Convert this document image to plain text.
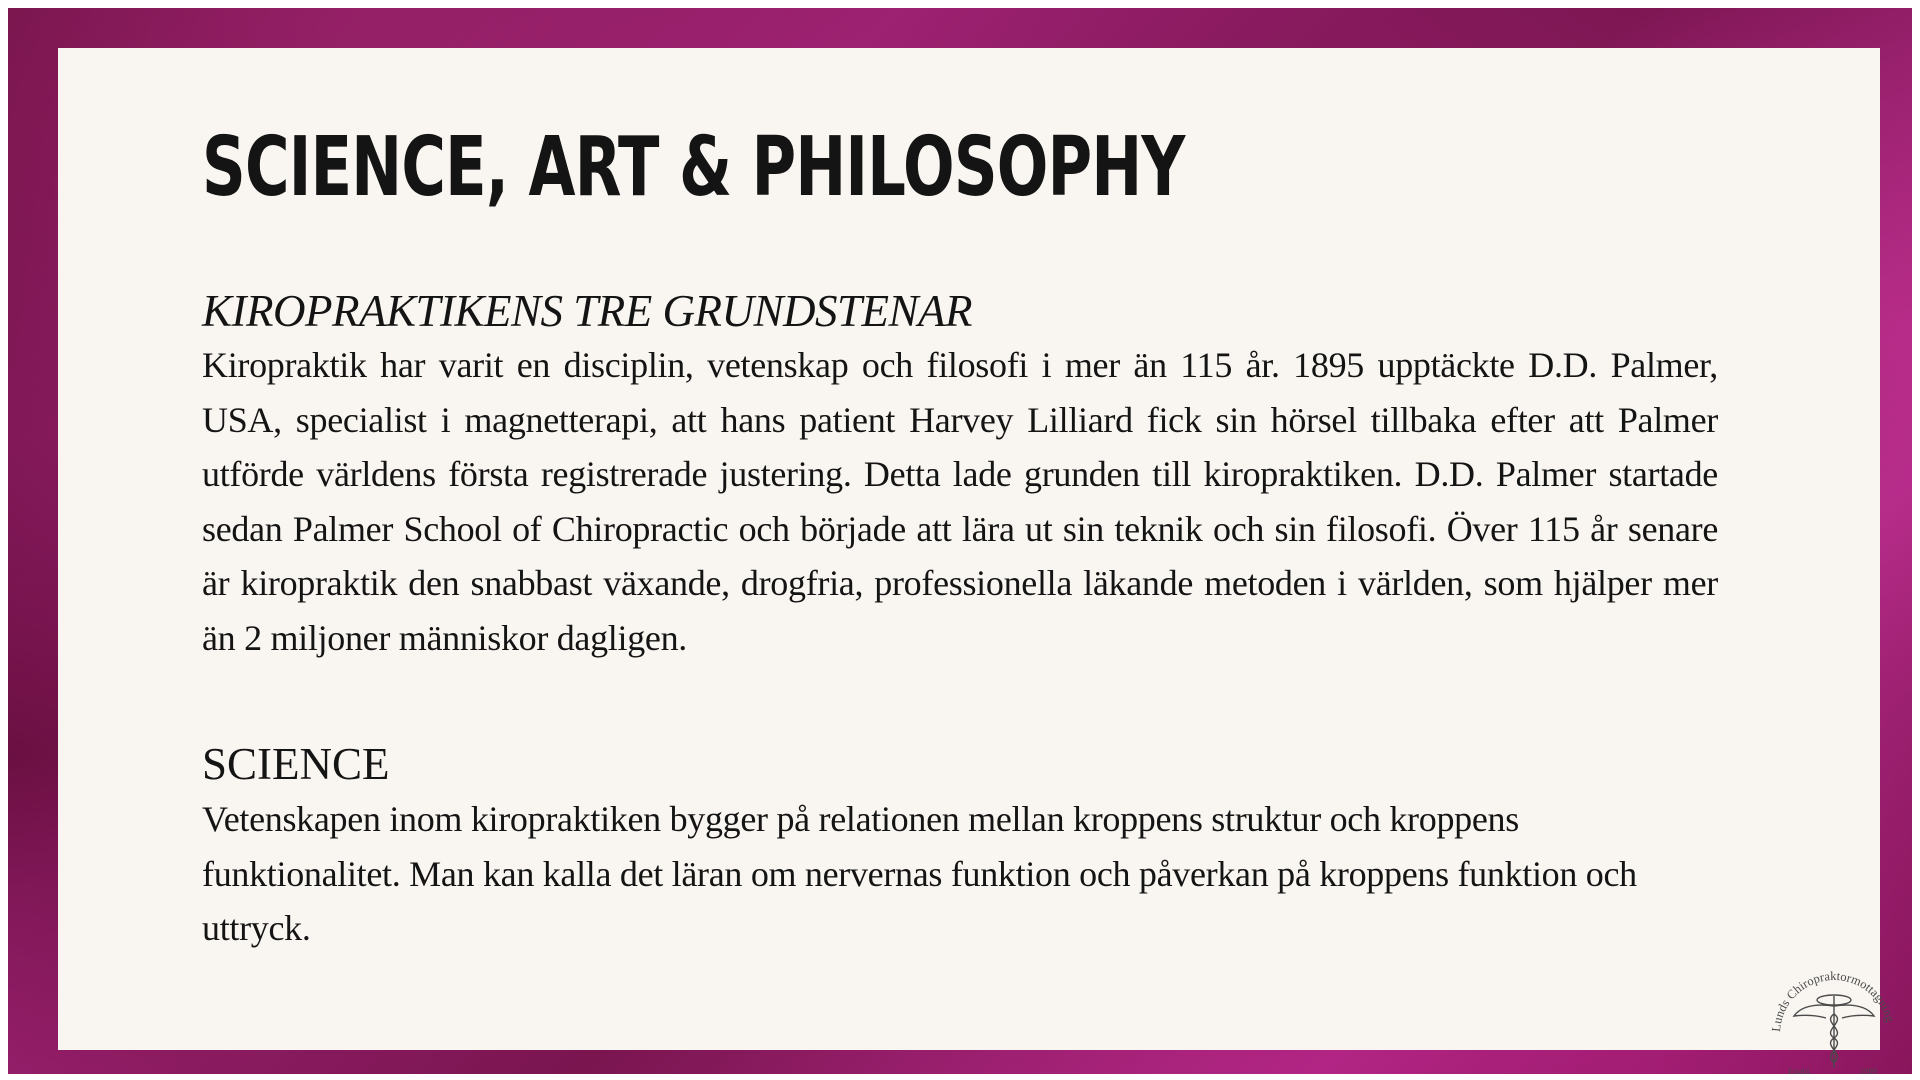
SCIENCE, ART & PHILOSOPHY
KIROPRAKTIKENS TRE GRUNDSTENAR

Kiropraktik har varit en disciplin, vetenskap och filosofi i mer än 115 år. 1895 upptäckte D.D. Palmer, USA, specialist i magnetterapi, att hans patient Harvey Lilliard fick sin hörsel tillbaka efter att Palmer utförde världens första registrerade justering. Detta lade grunden till kiropraktiken. D.D. Palmer startade sedan Palmer School of Chiropractic och började att lära ut sin teknik och sin filosofi. Över 115 år senare är kiropraktik den snabbast växande, drogfria, professionella läkande metoden i världen, som hjälper mer än 2 miljoner människor dagligen.

SCIENCE

Vetenskapen inom kiropraktiken bygger på relationen mellan kroppens struktur och kroppens funktionalitet. Man kan kalla det läran om nervernas funktion och påverkan på kroppens funktion och uttryck.

Lunds Chiropraktormottagning
Establ.	1989
